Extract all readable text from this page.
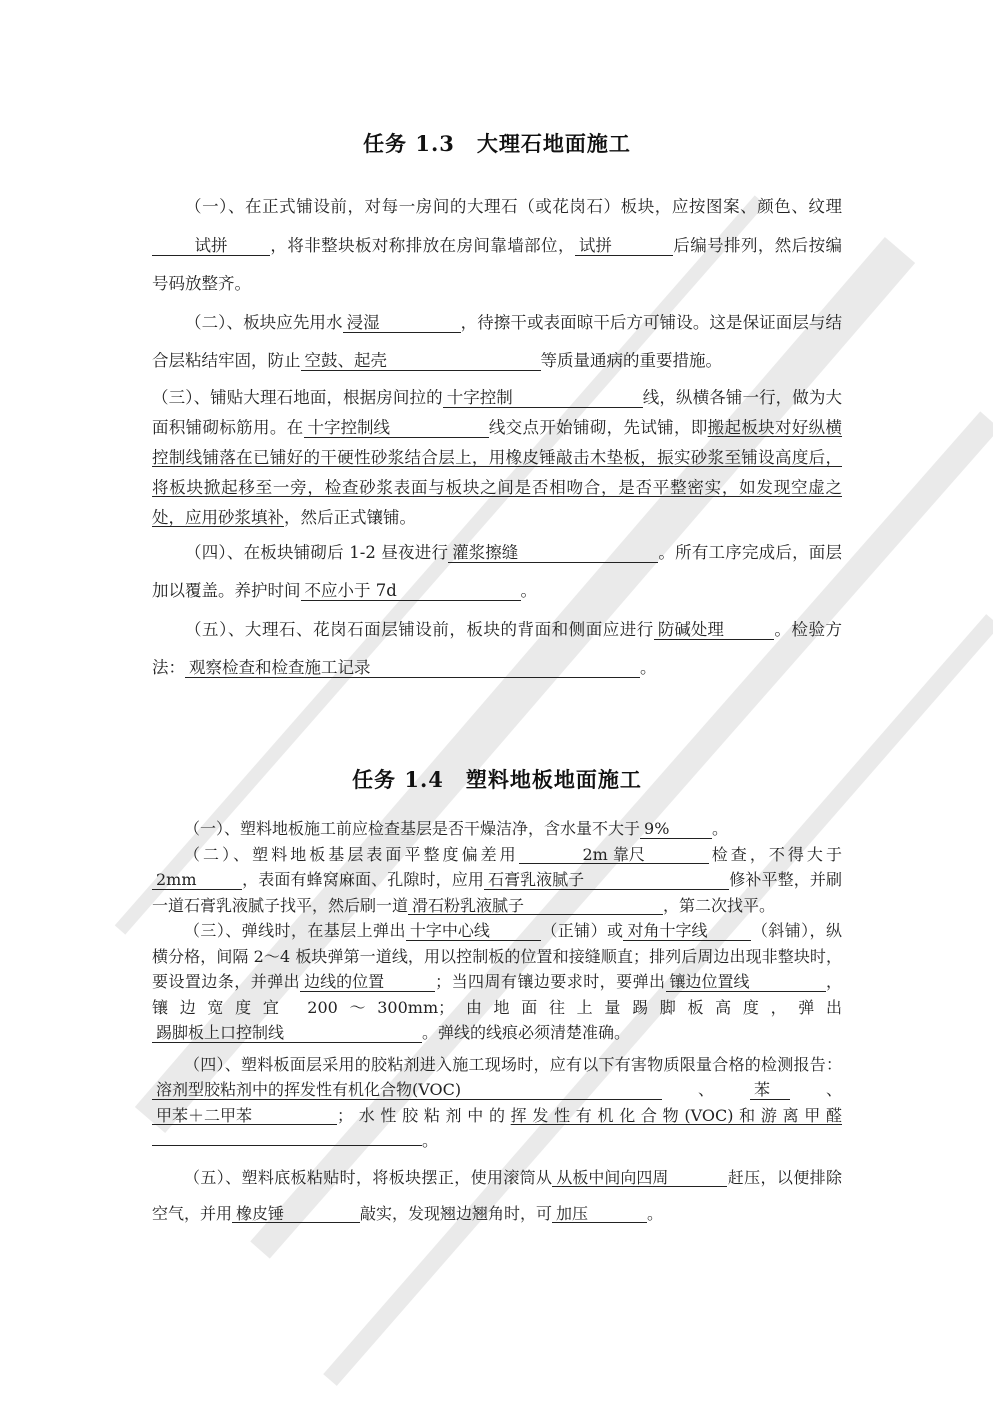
任务 1.3　大理石地面施工

（一）、在正式铺设前，对每一房间的大理石（或花岗石）板块，应按图案、颜色、纹理试拼	，将非整块板对称排放在房间靠墙部位， 试拼	后编号排列，然后按编号码放整齐。

（二）、板块应先用水 浸湿	，待擦干或表面晾干后方可铺设。这是保证面层与结合层粘结牢固，防止 空鼓、起壳	等质量通病的重要措施。

（三）、铺贴大理石地面，根据房间拉的 十字控制	线，纵横各铺一行，做为大面积铺砌标筋用。在 十字控制线	线交点开始铺砌，先试铺，即搬起板块对好纵横控制线铺落在已铺好的干硬性砂浆结合层上，用橡皮锤敲击木垫板，振实砂浆至铺设高度后，将板块掀起移至一旁，检查砂浆表面与板块之间是否相吻合，是否平整密实，如发现空虚之处，应用砂浆填补，然后正式镶铺。

（四）、在板块铺砌后 1-2 昼夜进行 灌浆擦缝	。所有工序完成后，面层加以覆盖。养护时间 不应小于 7d	。

（五）、大理石、花岗石面层铺设前，板块的背面和侧面应进行 防碱处理	。检验方法： 观察检查和检查施工记录	。

任务 1.4　塑料地板地面施工

（一）、塑料地板施工前应检查基层是否干燥洁净，含水量不大于 9%	。

（二）、塑料地板基层表面平整度偏差用	2m 靠尺	检查，不得大于2mm	，表面有蜂窝麻面、孔隙时，应用 石膏乳液腻子	修补平整，并刷一道石膏乳液腻子找平，然后刷一道 滑石粉乳液腻子	，第二次找平。

（三）、弹线时，在基层上弹出 十字中心线	（正铺）或 对角十字线	（斜铺），纵横分格，间隔 2～4 板块弹第一道线，用以控制板的位置和接缝顺直；排列后周边出现非整块时，要设置边条，并弹出 边线的位置	；当四周有镶边要求时，要弹出 镶边位置线	，镶边宽度宜 200～300mm；由地面往上量踢脚板高度，弹出踢脚板上口控制线	。弹线的线痕必须清楚准确。

（四）、塑料板面层采用的胶粘剂进入施工现场时，应有以下有害物质限量合格的检测报告：溶剂型胶粘剂中的挥发性有机化合物(VOC)	、 苯 、甲苯＋二甲苯	；水性胶粘剂中的挥发性有机化合物(VOC)和游离甲醛。

（五）、塑料底板粘贴时，将板块摆正，使用滚筒从 从板中间向四周	赶压，以便排除空气，并用 橡皮锤	敲实，发现翘边翘角时，可 加压	。
